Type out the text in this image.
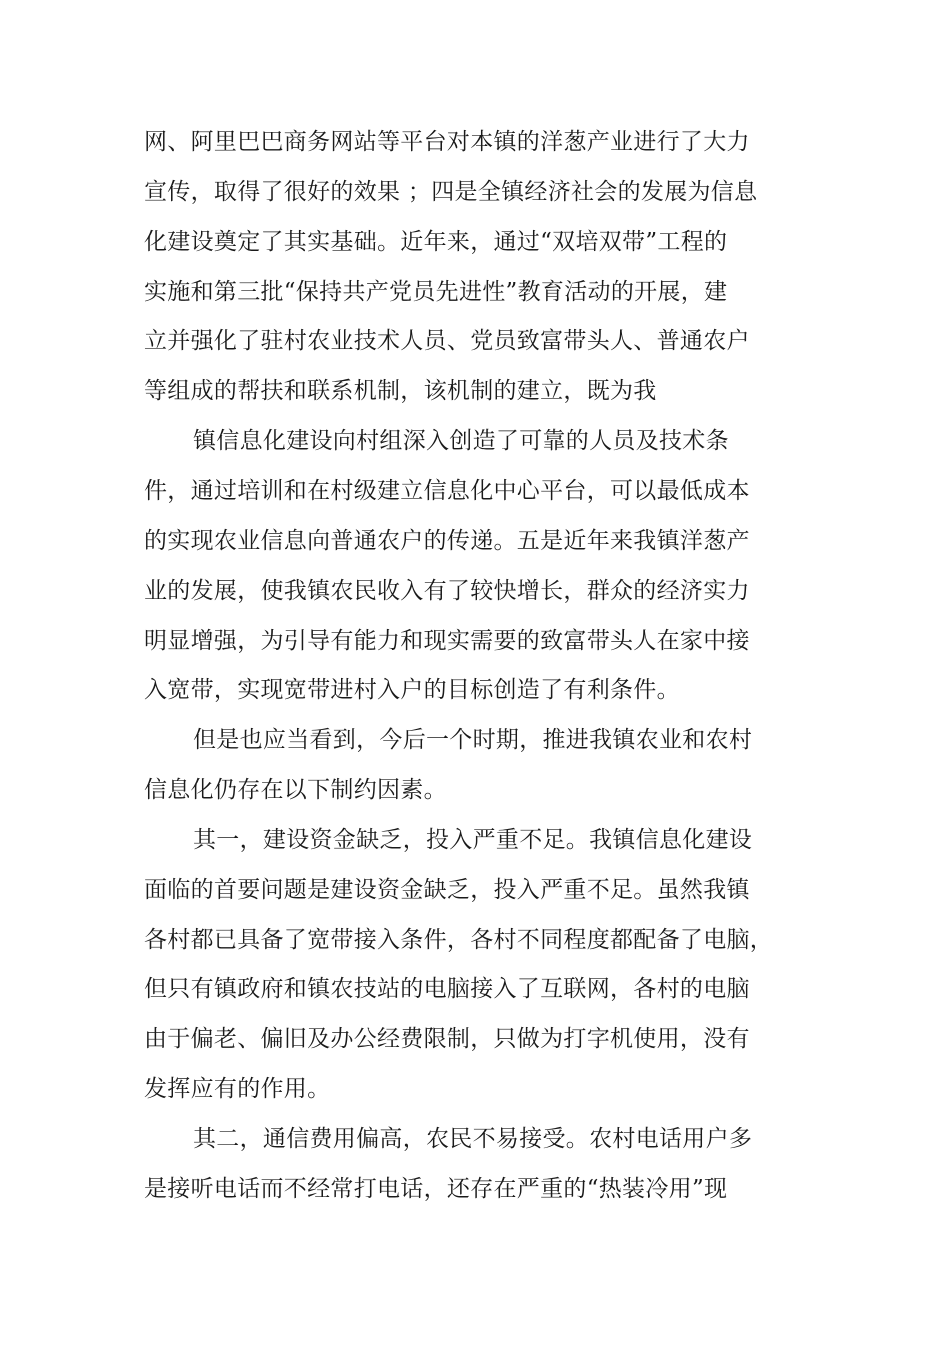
网、阿里巴巴商务网站等平台对本镇的洋葱产业进行了大力

宣传，取得了很好的效果 ；四是全镇经济社会的发展为信息

化建设奠定了其实基础。近年来，通过“双培双带”工程的

实施和第三批“保持共产党员先进性”教育活动的开展，建

立并强化了驻村农业技术人员、党员致富带头人、普通农户

等组成的帮扶和联系机制，该机制的建立，既为我

镇信息化建设向村组深入创造了可靠的人员及技术条

件，通过培训和在村级建立信息化中心平台，可以最低成本

的实现农业信息向普通农户的传递。五是近年来我镇洋葱产

业的发展，使我镇农民收入有了较快增长，群众的经济实力

明显增强，为引导有能力和现实需要的致富带头人在家中接

入宽带，实现宽带进村入户的目标创造了有利条件。

但是也应当看到，今后一个时期，推进我镇农业和农村

信息化仍存在以下制约因素。

其一，建设资金缺乏，投入严重不足。我镇信息化建设

面临的首要问题是建设资金缺乏，投入严重不足。虽然我镇

各村都已具备了宽带接入条件，各村不同程度都配备了电脑，

但只有镇政府和镇农技站的电脑接入了互联网，各村的电脑

由于偏老、偏旧及办公经费限制，只做为打字机使用，没有

发挥应有的作用。

其二，通信费用偏高，农民不易接受。农村电话用户多

是接听电话而不经常打电话，还存在严重的“热装冷用”现
